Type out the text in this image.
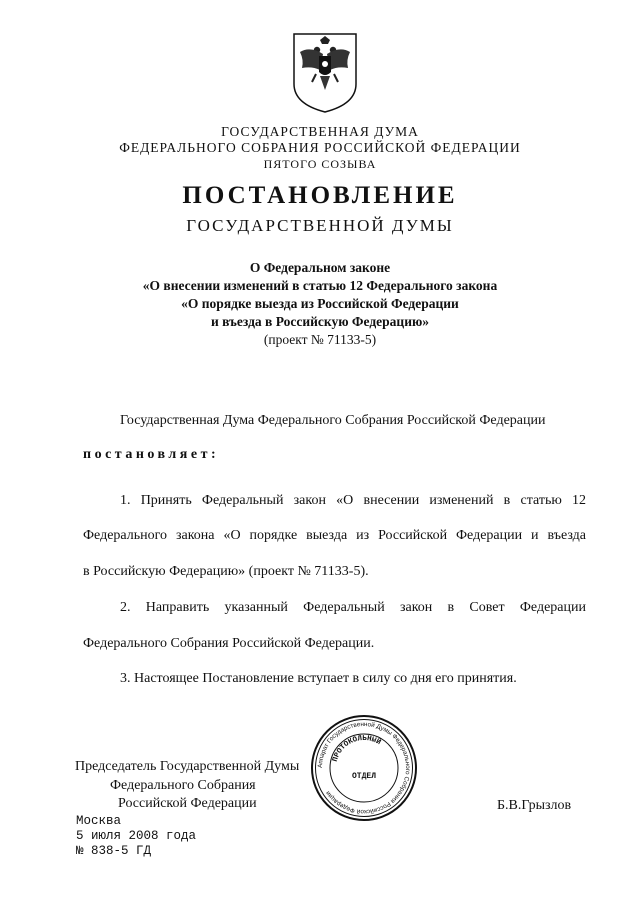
ГОСУДАРСТВЕННАЯ ДУМА
ФЕДЕРАЛЬНОГО СОБРАНИЯ РОССИЙСКОЙ ФЕДЕРАЦИИ
ПЯТОГО СОЗЫВА
ПОСТАНОВЛЕНИЕ
ГОСУДАРСТВЕННОЙ ДУМЫ
О Федеральном законе
«О внесении изменений в статью 12 Федерального закона
«О порядке выезда из Российской Федерации
и въезда в Российскую Федерацию»
(проект № 71133-5)
Государственная Дума Федерального Собрания Российской Федерации
постановляет:
1. Принять Федеральный закон «О внесении изменений в статью 12
Федерального закона «О порядке выезда из Российской Федерации и въезда
в Российскую Федерацию» (проект № 71133-5).
2. Направить указанный Федеральный закон в Совет Федерации
Федерального Собрания Российской Федерации.
3. Настоящее Постановление вступает в силу со дня его принятия.
Председатель Государственной Думы
Федерального Собрания
Российской Федерации	Б.В.Грызлов
Аппарат Государственной Думы Федерального Собрания Российской Федерации
ПРОТОКОЛЬНЫЙ
ОТДЕЛ
Москва
5 июля 2008 года
№ 838-5 ГД
